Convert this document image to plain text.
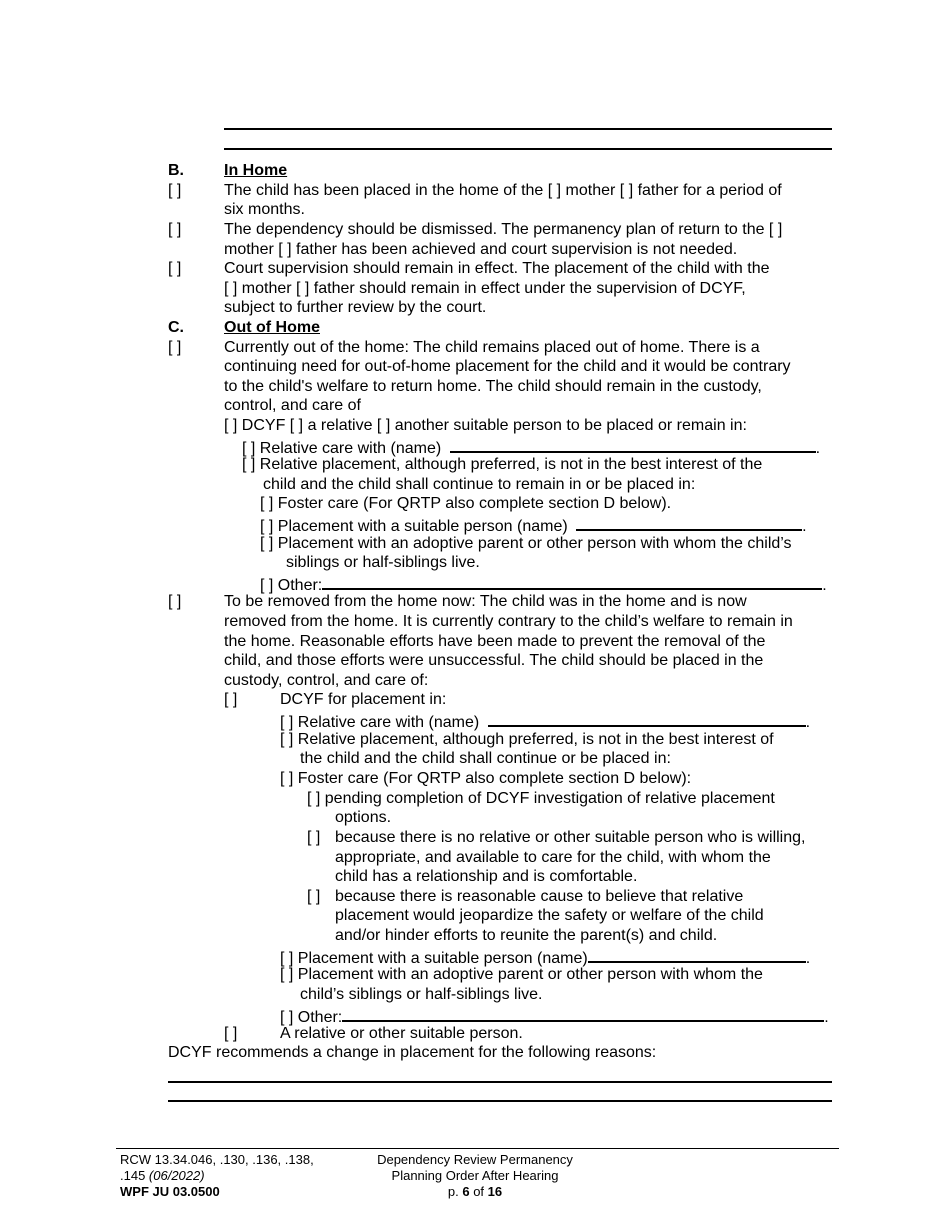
B.	In Home
[ ]	The child has been placed in the home of the [ ] mother [ ] father for a period of
six months.
[ ]	The dependency should be dismissed. The permanency plan of return to the [ ]
mother [ ] father has been achieved and court supervision is not needed.
[ ]	Court supervision should remain in effect. The placement of the child with the
[ ] mother [ ] father should remain in effect under the supervision of DCYF,
subject to further review by the court.
C.	Out of Home
[ ]	Currently out of the home: The child remains placed out of home. There is a
continuing need for out-of-home placement for the child and it would be contrary
to the child's welfare to return home. The child should remain in the custody,
control, and care of
[ ] DCYF [ ] a relative [ ] another suitable person to be placed or remain in:
[ ] Relative care with (name)	.
[ ] Relative placement, although preferred, is not in the best interest of the
child and the child shall continue to remain in or be placed in:
[ ] Foster care (For QRTP also complete section D below).
[ ] Placement with a suitable person (name)	.
[ ] Placement with an adoptive parent or other person with whom the child’s
siblings or half-siblings live.
[ ] Other:	.
[ ]	To be removed from the home now: The child was in the home and is now
removed from the home. It is currently contrary to the child’s welfare to remain in
the home. Reasonable efforts have been made to prevent the removal of the
child, and those efforts were unsuccessful. The child should be placed in the
custody, control, and care of:
[ ]	DCYF for placement in:
[ ] Relative care with (name)	.
[ ] Relative placement, although preferred, is not in the best interest of
the child and the child shall continue or be placed in:
[ ] Foster care (For QRTP also complete section D below):
[ ] pending completion of DCYF investigation of relative placement
options.
[ ] because there is no relative or other suitable person who is willing,
appropriate, and available to care for the child, with whom the
child has a relationship and is comfortable.
[ ] because there is reasonable cause to believe that relative
placement would jeopardize the safety or welfare of the child
and/or hinder efforts to reunite the parent(s) and child.
[ ] Placement with a suitable person (name)	.
[ ] Placement with an adoptive parent or other person with whom the
child’s siblings or half-siblings live.
[ ] Other:	.
[ ]	A relative or other suitable person.
DCYF recommends a change in placement for the following reasons:
RCW 13.34.046, .130, .136, .138,
.145 (06/2022)
WPF JU 03.0500
Dependency Review Permanency
Planning Order After Hearing
p. 6 of 16
